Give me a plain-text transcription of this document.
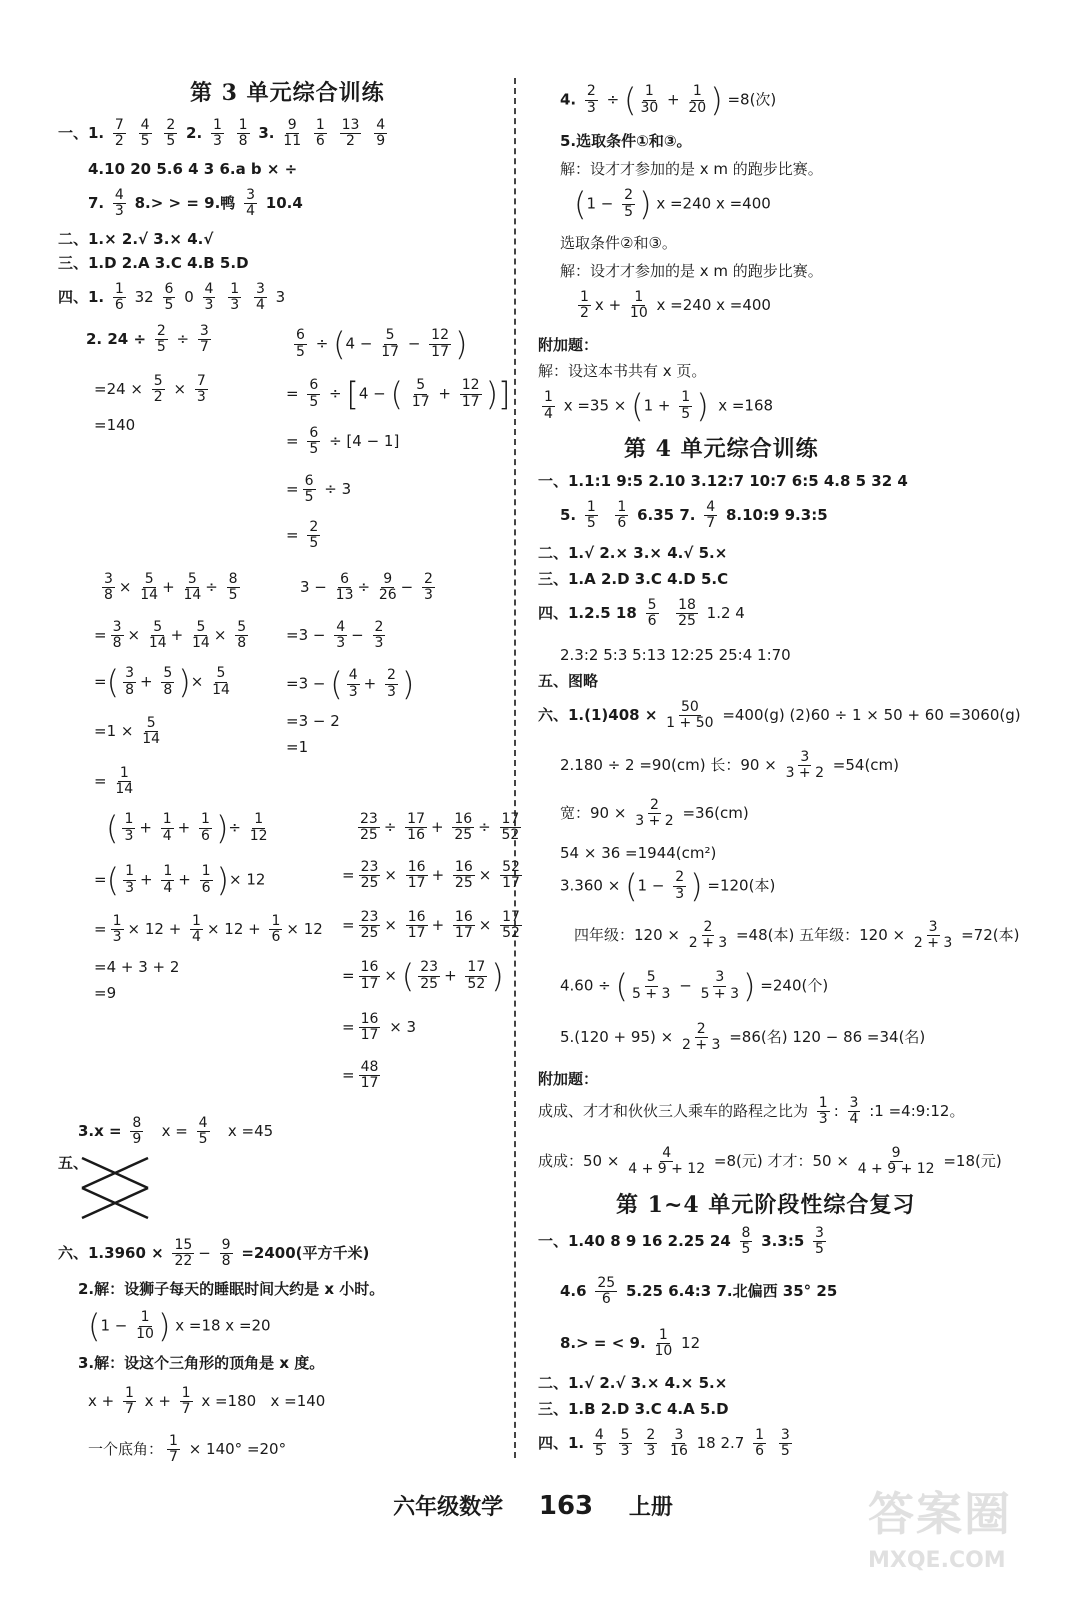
第 3 单元综合训练
一、1. $\frac{7}{2}$
$\frac{4}{5}$
$\frac{2}{5} 2$. $\frac{1}{3}$
$\frac{1}{8} 3$. $\frac{9}{11}$
$\frac{1}{6}$
$\frac{13}{2}$
$\frac{4}{9}$
4.10 20 5.6 4 3 6.a b × ÷
7. $\frac{4}{3} 8.>$ > = 9.鸭 $\frac{3}{4} 10.4$
二、1.× 2.√ 3.× 4.√
三、1.D 2.A 3.C 4.B 5.D
四、1. $\frac{1}{6} 32 \frac{6}{5} 0 \frac{4}{3}$
$\frac{1}{3}$
$\frac{3}{4} 3$
2. $24 \div \frac{2}{5} \div \frac{3}{7}$
$=24 \times \frac{5}{2} \times \frac{7}{3}$
=140
$\frac{6}{5} \div (4 - \frac{5}{17} - \frac{12}{17}$ )
= $\frac{6}{5} \div [4$ − ( $\frac{5}{17} + \frac{12}{17}$ )]
= $\frac{6}{5} \div [4 - 1]$
= $\frac{6}{5} \div 3$
= $\frac{2}{5}$
$\frac{3}{8} \times \frac{5}{14} + \frac{5}{14} \div \frac{8}{5}$
= $\frac{3}{8} \times \frac{5}{14} + \frac{5}{14} \times \frac{5}{8}$
=( $\frac{3}{8} + \frac{5}{8}$ )× $\frac{5}{14}$
$=1 \times \frac{5}{14}$
= $\frac{1}{14}$
$3 - \frac{6}{13} \div \frac{9}{26} - \frac{2}{3}$
$=3 - \frac{4}{3} - \frac{2}{3}$
=3 − ( $\frac{4}{3} + \frac{2}{3}$ )
=3 − 2
=1
( $\frac{1}{3} + \frac{1}{4} + \frac{1}{6}$ )÷ $\frac{1}{12}$
=( $\frac{1}{3} + \frac{1}{4} + \frac{1}{6}$ )× 12
= $\frac{1}{3} \times 12 + \frac{1}{4} \times 12 + \frac{1}{6} \times 12$
=4 + 3 + 2
=9
$\frac{23}{25} \div \frac{17}{16} + \frac{16}{25} \div \frac{17}{52}$
= $\frac{23}{25} \times \frac{16}{17} + \frac{16}{25} \times \frac{52}{17}$
= $\frac{23}{25} \times \frac{16}{17} + \frac{16}{17} \times \frac{17}{52}$
= $\frac{16}{17}$ × ( $\frac{23}{25} + \frac{17}{52}$ )
= $\frac{16}{17} \times 3$
= $\frac{48}{17}$
$3.x = \frac{8}{9}$ $x = \frac{4}{5}$ x =45
五、
六、$1.3960 \times \frac{15}{22} - \frac{9}{8} =2400$(平方千米)
2.解：设狮子每天的睡眠时间大约是 x 小时。
($1 - \frac{1}{10}$ ) x =18 x =20
3.解：设这个三角形的顶角是 x 度。
$x + \frac{1}{7}$ $x + \frac{1}{7}$ x =180   x =140
一个底角： $\frac{1}{7} \times 140^\circ =20^\circ$
4. $\frac{2}{3}$ ÷ ( $\frac{1}{30} + \frac{1}{20}$ ) =8(次)
5.选取条件①和③。
解：设才才参加的是 x m 的跑步比赛。
($1 - \frac{2}{5}$ ) x =240 x =400
选取条件②和③。
解：设才才参加的是 x m 的跑步比赛。
$\frac{1}{2}$ $x + \frac{1}{10}$ x =240 x =400
附加题：
解：设这本书共有 x 页。
$\frac{1}{4}$ $x =35 \times (1 + \frac{1}{5}$ ) x =168
第 4 单元综合训练
一、1.1:1 9:5 2.10 3.12:7 10:7 6:5 4.8 5 32 4
5. $\frac{1}{5}$
$\frac{1}{6} 6.35$ 7. $\frac{4}{7}$ 8.10:9 9.3:5
二、1.√ 2.× 3.× 4.√ 5.×
三、1.A 2.D 3.C 4.D 5.C
四、1.2.5 $18 \frac{5}{6}$
$\frac{18}{25} 1.2$ 4
2.3:2 5:3 5:13 12:25 25:4 1:70
五、图略
六、$1.(1)408 \times \frac{50}{1 + 50} =400(g) (2)60 \div 1 \times 50 + 60 =3060(g)$
2.180 ÷ 2 =90(cm) 长：$90 \times \frac{3}{3 + 2} =54(cm)$
宽：$90 \times \frac{2}{3 + 2} =36(cm)$
54 × 36 =1944(cm²)
$3.360 \times (1 - \frac{2}{3}$ ) =120(本)
四年级：$120 \times \frac{2}{2 + 3} =48$(本) 五年级：$120 \times \frac{3}{2 + 3} =72$(本)
4.60 ÷ ( $\frac{5}{5 + 3} - \frac{3}{5 + 3}$ ) =240(个)
$5.(120 + 95) \times \frac{2}{2 + 3} =86$(名) 120 − 86 =34(名)
附加题：
成成、才才和伙伙三人乘车的路程之比为 $\frac{1}{3}$ : $\frac{3}{4}$ :1 =4:9:12。
成成：$50 \times \frac{4}{4 + 9 + 12} =8$(元) 才才：$50 \times \frac{9}{4 + 9 + 12} =18$(元)
第 1~4 单元阶段性综合复习
一、1.40 8 9 16 2.25 $24 \frac{8}{5}$ 3.3:5 $\frac{3}{5}$
$4.6 \frac{25}{6} 5.25$ 6.4:3 7.北偏西 35° 25
8.> = < 9. $\frac{1}{10} 12$
二、1.√ 2.√ 3.× 4.× 5.×
三、1.B 2.D 3.C 4.A 5.D
四、1. $\frac{4}{5}$
$\frac{5}{3}$
$\frac{2}{3}$
$\frac{3}{16} 18$ $2.7 \frac{1}{6}$
$\frac{3}{5}$
六年级数学 163 上册	答案圈
MXQE.COM
